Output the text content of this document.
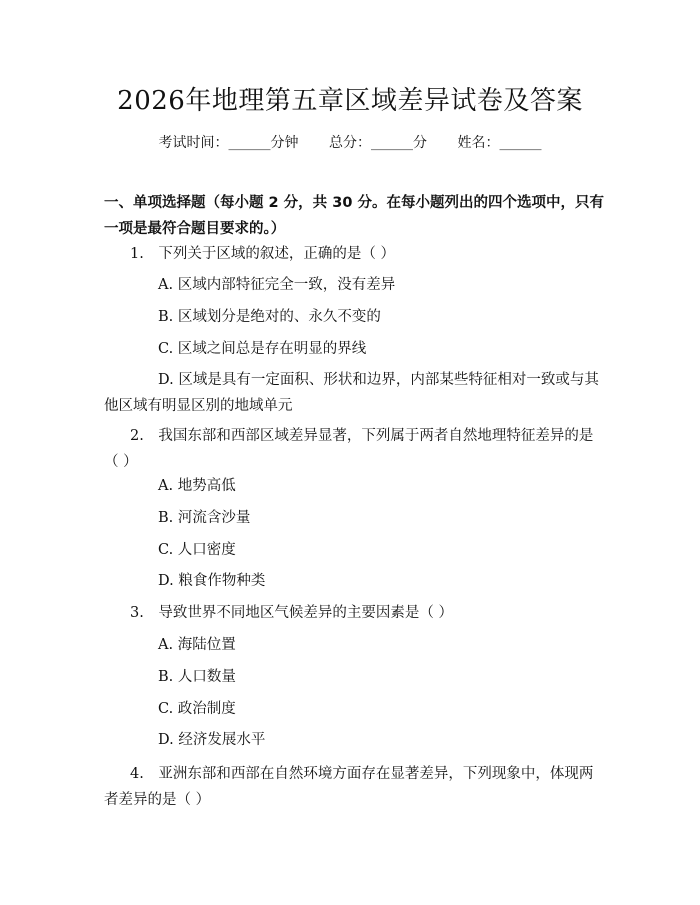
2026年地理第五章区域差异试卷及答案
考试时间：______分钟 总分：______分 姓名：______
一、单项选择题（每小题 2 分，共 30 分。在每小题列出的四个选项中，只有一项是最符合题目要求的。）
1.　下列关于区域的叙述，正确的是（ ）
A. 区域内部特征完全一致，没有差异
B. 区域划分是绝对的、永久不变的
C. 区域之间总是存在明显的界线
D. 区域是具有一定面积、形状和边界，内部某些特征相对一致或与其他区域有明显区别的地域单元
2.　我国东部和西部区域差异显著，下列属于两者自然地理特征差异的是（ ）
A. 地势高低
B. 河流含沙量
C. 人口密度
D. 粮食作物种类
3.　导致世界不同地区气候差异的主要因素是（ ）
A. 海陆位置
B. 人口数量
C. 政治制度
D. 经济发展水平
4.　亚洲东部和西部在自然环境方面存在显著差异，下列现象中，体现两者差异的是（ ）
